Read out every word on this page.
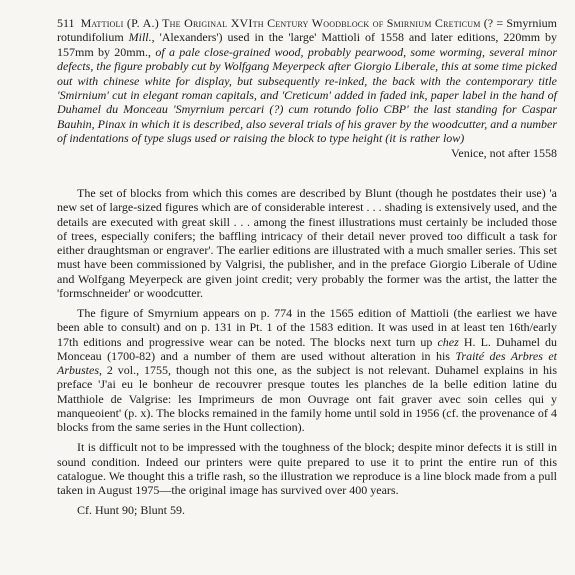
511 Mattioli (P. A.) The Original XVIth Century Woodblock of Smirnium Creticum (? = Smyrnium rotundifolium Mill., 'Alexanders') used in the 'large' Mattioli of 1558 and later editions, 220mm by 157mm by 20mm., of a pale close-grained wood, probably pearwood, some worming, several minor defects, the figure probably cut by Wolfgang Meyerpeck after Giorgio Liberale, this at some time picked out with chinese white for display, but subsequently re-inked, the back with the contemporary title 'Smirnium' cut in elegant roman capitals, and 'Creticum' added in faded ink, paper label in the hand of Duhamel du Monceau 'Smyrnium percari (?) cum rotundo folio CBP' the last standing for Caspar Bauhin, Pinax in which it is described, also several trials of his graver by the woodcutter, and a number of indentations of type slugs used or raising the block to type height (it is rather low)
Venice, not after 1558

The set of blocks from which this comes are described by Blunt (though he postdates their use) 'a new set of large-sized figures which are of considerable interest . . . shading is extensively used, and the details are executed with great skill . . . among the finest illustrations must certainly be included those of trees, especially conifers; the baffling intricacy of their detail never proved too difficult a task for either draughtsman or engraver'. The earlier editions are illustrated with a much smaller series. This set must have been commissioned by Valgrisi, the publisher, and in the preface Giorgio Liberale of Udine and Wolfgang Meyerpeck are given joint credit; very probably the former was the artist, the latter the 'formschneider' or woodcutter.

The figure of Smyrnium appears on p. 774 in the 1565 edition of Mattioli (the earliest we have been able to consult) and on p. 131 in Pt. 1 of the 1583 edition. It was used in at least ten 16th/early 17th editions and progressive wear can be noted. The blocks next turn up chez H. L. Duhamel du Monceau (1700-82) and a number of them are used without alteration in his Traité des Arbres et Arbustes, 2 vol., 1755, though not this one, as the subject is not relevant. Duhamel explains in his preface 'J'ai eu le bonheur de recouvrer presque toutes les planches de la belle edition latine du Matthiole de Valgrise: les Imprimeurs de mon Ouvrage ont fait graver avec soin celles qui y manqueoient' (p. x). The blocks remained in the family home until sold in 1956 (cf. the provenance of 4 blocks from the same series in the Hunt collection).

It is difficult not to be impressed with the toughness of the block; despite minor defects it is still in sound condition. Indeed our printers were quite prepared to use it to print the entire run of this catalogue. We thought this a trifle rash, so the illustration we reproduce is a line block made from a pull taken in August 1975—the original image has survived over 400 years.

Cf. Hunt 90; Blunt 59.
